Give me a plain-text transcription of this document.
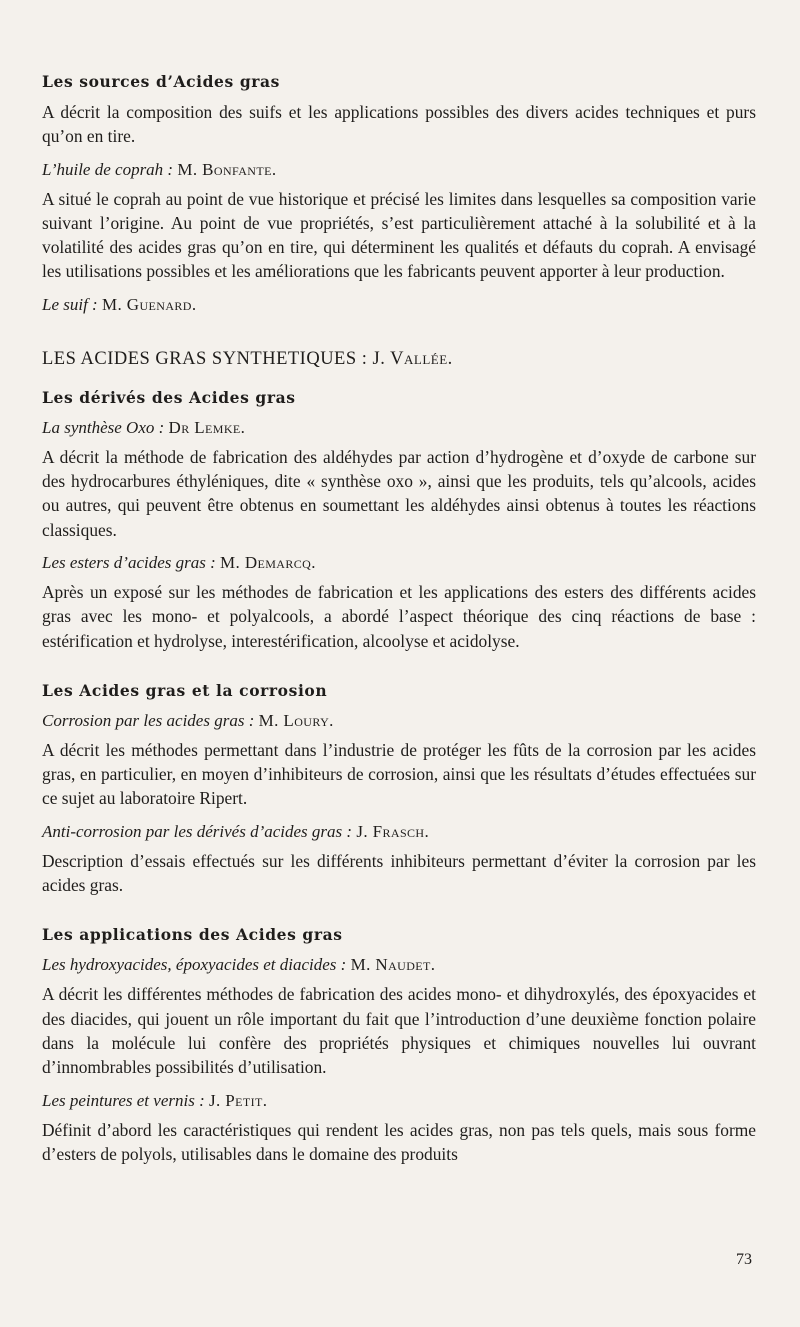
Les sources d’Acides gras

A décrit la composition des suifs et les applications possibles des divers acides techniques et purs qu’on en tire.

L’huile de coprah : M. Bonfante.

A situé le coprah au point de vue historique et précisé les limites dans lesquelles sa composition varie suivant l’origine. Au point de vue propriétés, s’est particulièrement attaché à la solubilité et à la volatilité des acides gras qu’on en tire, qui déterminent les qualités et défauts du coprah. A envisagé les utilisations possibles et les améliorations que les fabricants peuvent apporter à leur production.

Le suif : M. Guenard.
LES ACIDES GRAS SYNTHETIQUES : J. Vallée.
Les dérivés des Acides gras
La synthèse Oxo : Dr Lemke.

A décrit la méthode de fabrication des aldéhydes par action d’hydrogène et d’oxyde de carbone sur des hydrocarbures éthyléniques, dite « synthèse oxo », ainsi que les produits, tels qu’alcools, acides ou autres, qui peuvent être obtenus en soumettant les aldéhydes ainsi obtenus à toutes les réactions classiques.

Les esters d’acides gras : M. Demarcq.

Après un exposé sur les méthodes de fabrication et les applications des esters des différents acides gras avec les mono- et polyalcools, a abordé l’aspect théorique des cinq réactions de base : estérification et hydrolyse, interestérification, alcoolyse et acidolyse.

Les Acides gras et la corrosion
Corrosion par les acides gras : M. Loury.

A décrit les méthodes permettant dans l’industrie de protéger les fûts de la corrosion par les acides gras, en particulier, en moyen d’inhibiteurs de corrosion, ainsi que les résultats d’études effectuées sur ce sujet au laboratoire Ripert.

Anti-corrosion par les dérivés d’acides gras : J. Frasch.

Description d’essais effectués sur les différents inhibiteurs permettant d’éviter la corrosion par les acides gras.

Les applications des Acides gras
Les hydroxyacides, époxyacides et diacides : M. Naudet.

A décrit les différentes méthodes de fabrication des acides mono- et dihydroxylés, des époxyacides et des diacides, qui jouent un rôle important du fait que l’introduction d’une deuxième fonction polaire dans la molécule lui confère des propriétés physiques et chimiques nouvelles lui ouvrant d’innombrables possibilités d’utilisation.

Les peintures et vernis : J. Petit.

Définit d’abord les caractéristiques qui rendent les acides gras, non pas tels quels, mais sous forme d’esters de polyols, utilisables dans le domaine des produits

73
